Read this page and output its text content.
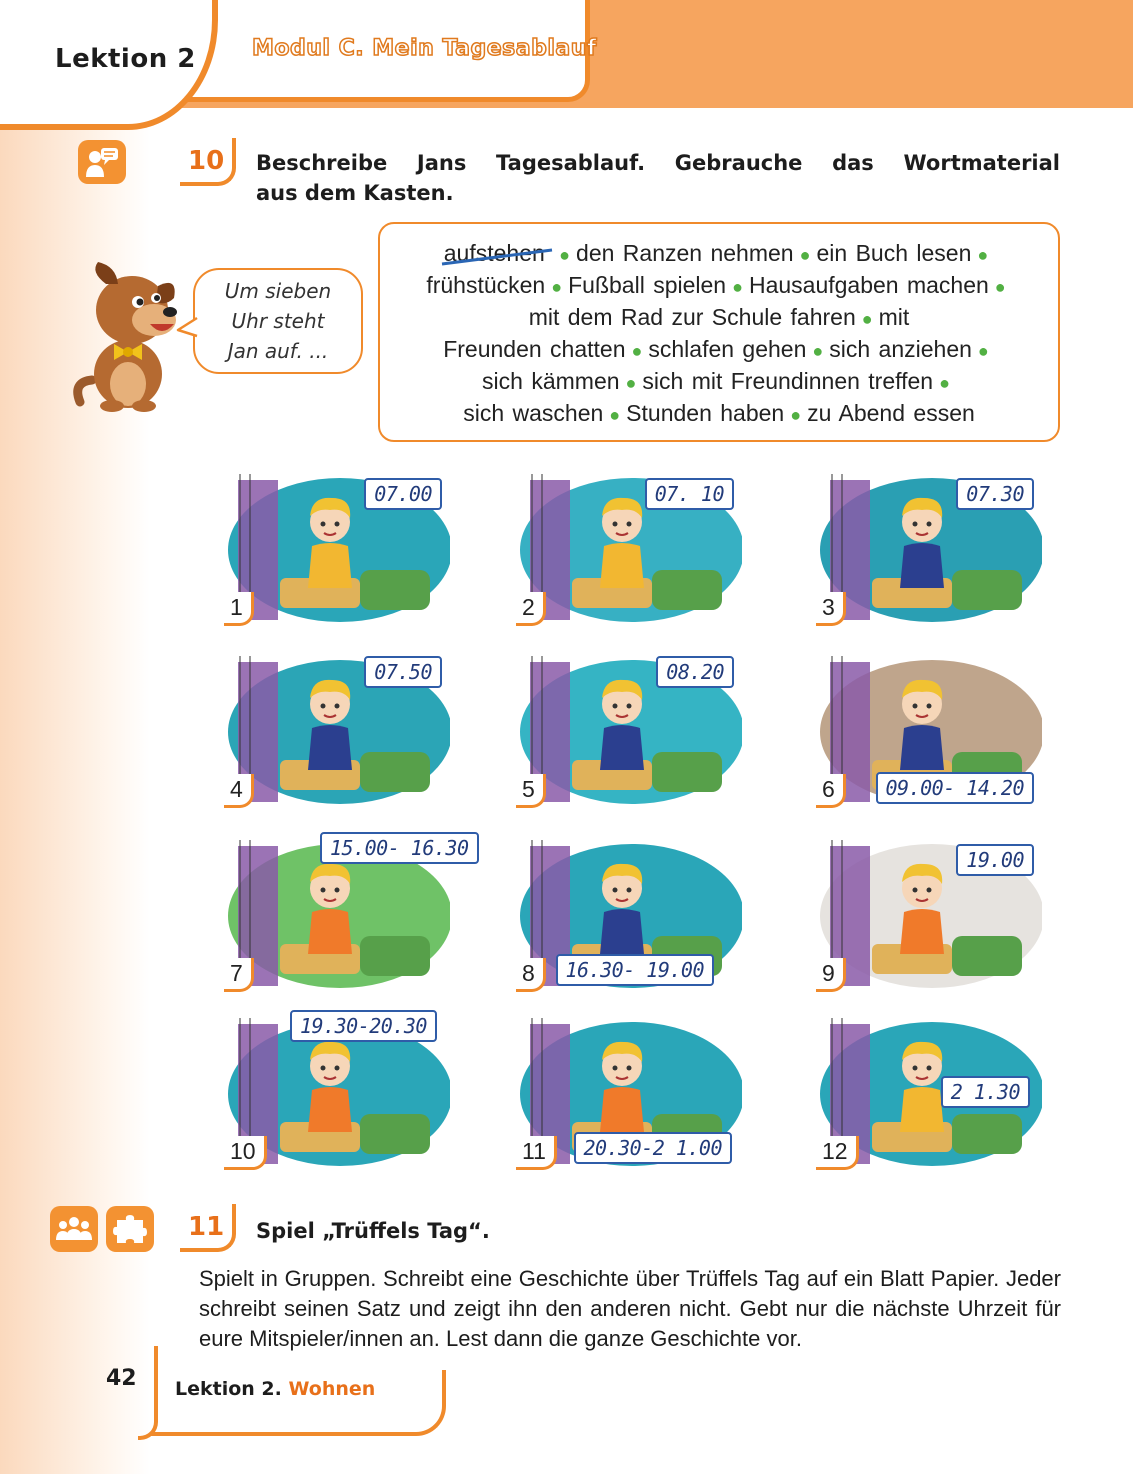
Lektion 2	Modul C. Mein Tagesablauf
10 Beschreibe Jans Tagesablauf. Gebrauche das Wortmaterial
aus dem Kasten.
Um sieben
Uhr steht
Jan auf. ...
aufstehen ● den Ranzen nehmen ● ein Buch lesen ●
frühstücken ● Fußball spielen ● Hausaufgaben machen ●
mit dem Rad zur Schule fahren ● mit
Freunden chatten ● schlafen gehen ● sich anziehen ●
sich kämmen ● sich mit Freundinnen treffen ●
sich waschen ● Stunden haben ● zu Abend essen
1
07.00
2
07. 10
3
07.30
4
07.50
5
08.20
6	09.00- 14.20
7
15.00- 16.30
8	16.30- 19.00	9
19.00
10
19.30-20.30
11	20.30-2 1.00	12
2 1.30
11 Spiel „Trüffels Tag“.
Spielt in Gruppen. Schreibt eine Geschichte über Trüffels Tag auf ein Blatt Papier. Jeder schreibt seinen Satz und zeigt ihn den anderen nicht. Gebt nur die nächste Uhrzeit für eure Mitspieler/innen an. Lest dann die ganze Geschichte vor.
42 Lektion 2. Wohnen
